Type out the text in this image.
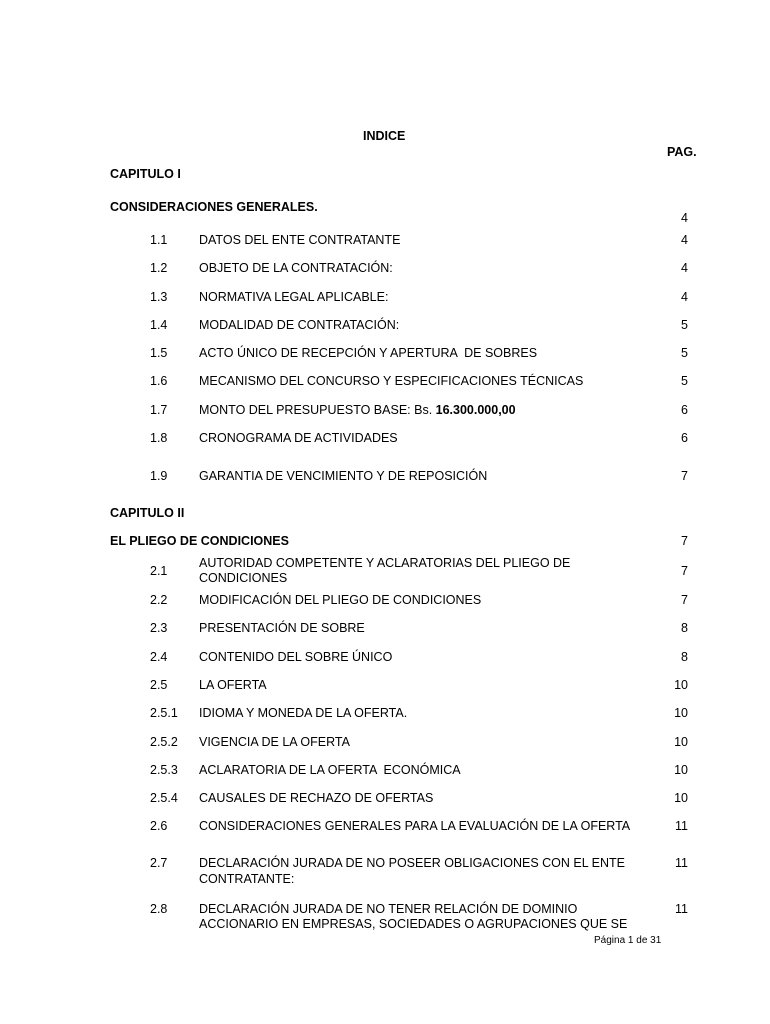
INDICE
PAG.
CAPITULO I
CONSIDERACIONES GENERALES.
4
1.1	DATOS DEL ENTE CONTRATANTE	4
1.2	OBJETO DE LA CONTRATACIÓN:	4
1.3	NORMATIVA LEGAL APLICABLE:	4
1.4	MODALIDAD DE CONTRATACIÓN:	5
1.5	ACTO ÚNICO DE RECEPCIÓN Y APERTURA  DE SOBRES	5
1.6	MECANISMO DEL CONCURSO Y ESPECIFICACIONES TÉCNICAS	5
1.7	MONTO DEL PRESUPUESTO BASE: Bs. 16.300.000,00	6
1.8	CRONOGRAMA DE ACTIVIDADES	6
1.9	GARANTIA DE VENCIMIENTO Y DE REPOSICIÓN	7
CAPITULO II
EL PLIEGO DE CONDICIONES	7
2.1
AUTORIDAD COMPETENTE Y ACLARATORIAS DEL PLIEGO DE
CONDICIONES	7
2.2	MODIFICACIÓN DEL PLIEGO DE CONDICIONES	7
2.3	PRESENTACIÓN DE SOBRE	8
2.4	CONTENIDO DEL SOBRE ÚNICO	8
2.5	LA OFERTA	10
2.5.1 IDIOMA Y MONEDA DE LA OFERTA.	10
2.5.2 VIGENCIA DE LA OFERTA	10
2.5.3 ACLARATORIA DE LA OFERTA  ECONÓMICA	10
2.5.4 CAUSALES DE RECHAZO DE OFERTAS	10
2.6	CONSIDERACIONES GENERALES PARA LA EVALUACIÓN DE LA OFERTA	11
2.7	DECLARACIÓN JURADA DE NO POSEER OBLIGACIONES CON EL ENTE
CONTRATANTE:
11
2.8	DECLARACIÓN JURADA DE NO TENER RELACIÓN DE DOMINIO
ACCIONARIO EN EMPRESAS, SOCIEDADES O AGRUPACIONES QUE SE
11
Página 1 de 31
